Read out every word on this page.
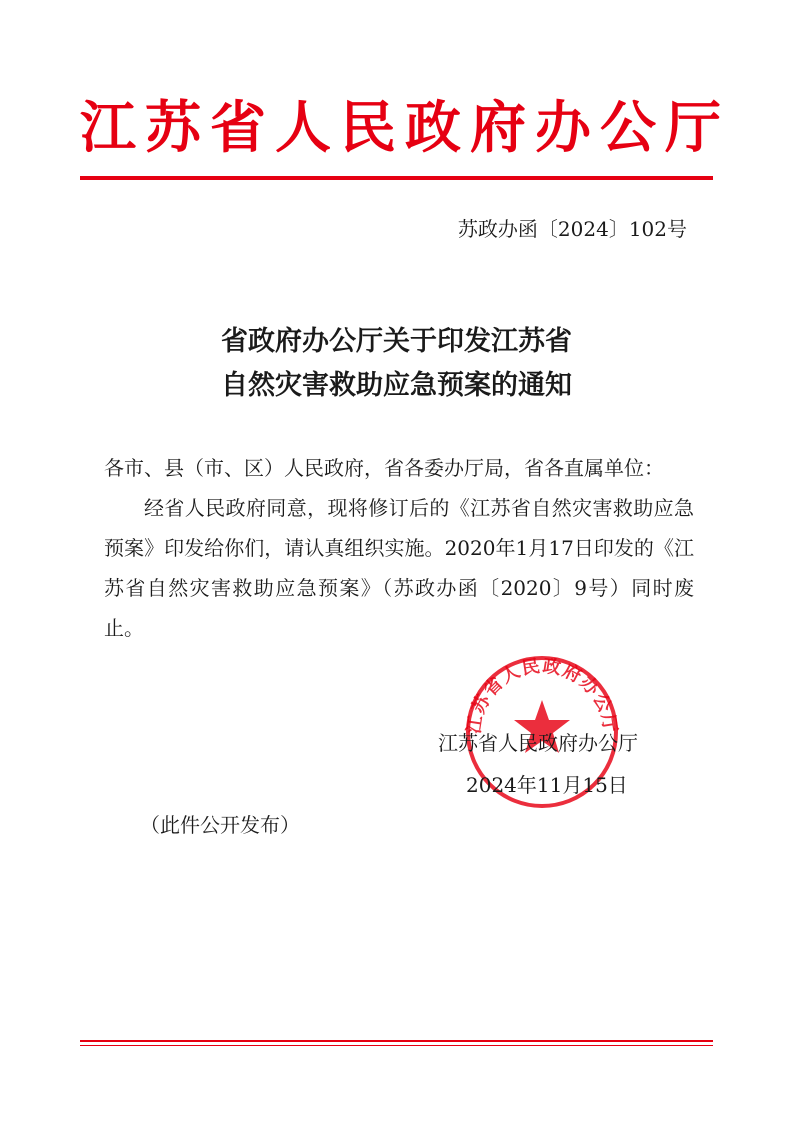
江苏省人民政府办公厅
苏政办函〔2024〕102号
省政府办公厅关于印发江苏省
自然灾害救助应急预案的通知
各市、县（市、区）人民政府，省各委办厅局，省各直属单位：
经省人民政府同意，现将修订后的《江苏省自然灾害救助应急预案》印发给你们，请认真组织实施。2020年1月17日印发的《江苏省自然灾害救助应急预案》（苏政办函〔2020〕9号）同时废止。
江苏省人民政府办公厅
江苏省人民政府办公厅
2024年11月15日
（此件公开发布）
